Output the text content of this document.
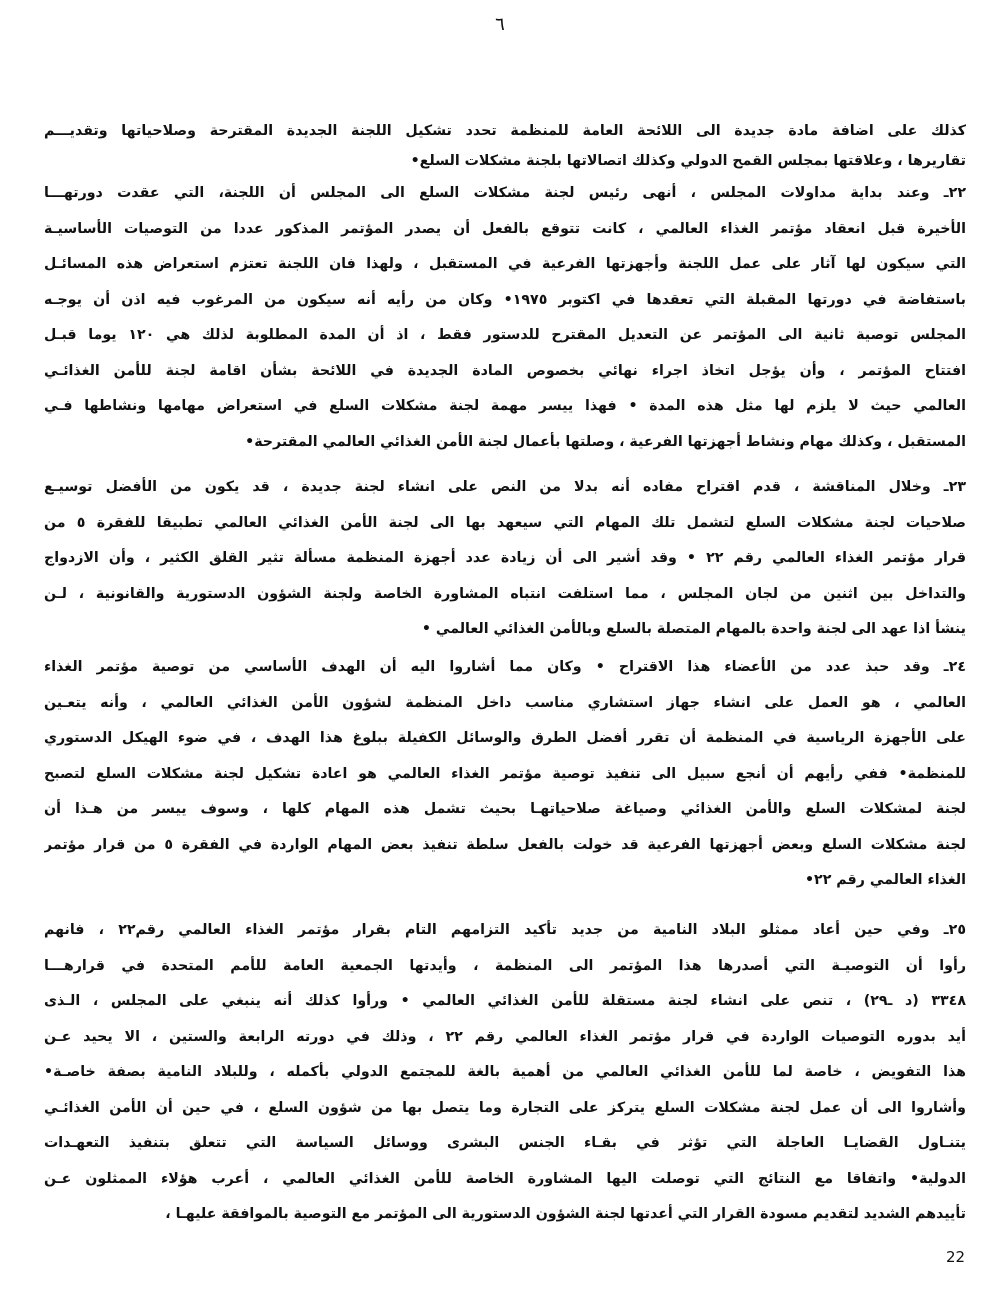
٦
كذلك على اضافة مادة جديدة الى اللائحة العامة للمنظمة تحدد تشكيل اللجنة الجديدة المقترحة وصلاحياتها وتقديـــم
تقاريرها ، وعلاقتها بمجلس القمح الدولي وكذلك اتصالاتها بلجنة مشكلات السلع•
٢٢ـ وعند بداية مداولات المجلس ، أنهى رئيس لجنة مشكلات السلع الى المجلس أن اللجنة، التي عقدت دورتهـــا
الأخيرة قبل انعقاد مؤتمر الغذاء العالمي ، كانت تتوقع بالفعل أن يصدر المؤتمر المذكور عددا من التوصيات الأساسيـة
التي سيكون لها آثار على عمل اللجنة وأجهزتها الفرعية في المستقبل ، ولهذا فان اللجنة تعتزم استعراض هذه المسائـل
باستفاضة في دورتها المقبلة التي تعقدها في اكتوبر ١٩٧٥• وكان من رأيه أنه سيكون من المرغوب فيه اذن أن يوجـه
المجلس توصية ثانية الى المؤتمر عن التعديل المقترح للدستور فقط ، اذ أن المدة المطلوبة لذلك هي ١٢٠ يوما قبـل
افتتاح المؤتمر ، وأن يؤجل اتخاذ اجراء نهائي بخصوص المادة الجديدة في اللائحة بشأن اقامة لجنة للأمن الغذائـي
العالمي حيث لا يلزم لها مثل هذه المدة • فهذا ييسر مهمة لجنة مشكلات السلع في استعراض مهامها ونشاطها فـي
المستقبل ، وكذلك مهام ونشاط أجهزتها الفرعية ، وصلتها بأعمال لجنة الأمن الغذائي العالمي المقترحة•
٢٣ـ وخلال المناقشة ، قدم اقتراح مفاده أنه بدلا من النص على انشاء لجنة جديدة ، قد يكون من الأفضل توسيـع
صلاحيات لجنة مشكلات السلع لتشمل تلك المهام التي سيعهد بها الى لجنة الأمن الغذائي العالمي تطبيقا للفقرة ٥ من
قرار مؤتمر الغذاء العالمي رقم ٢٢ • وقد أشير الى أن زيادة عدد أجهزة المنظمة مسألة تثير القلق الكثير ، وأن الازدواج
والتداخل بين اثنين من لجان المجلس ، مما استلفت انتباه المشاورة الخاصة ولجنة الشؤون الدستورية والقانونية ، لـن
ينشأ اذا عهد الى لجنة واحدة بالمهام المتصلة بالسلع وبالأمن الغذائي العالمي •
٢٤ـ وقد حبذ عدد من الأعضاء هذا الاقتراح • وكان مما أشاروا اليه أن الهدف الأساسي من توصية مؤتمر الغذاء
العالمي ، هو العمل على انشاء جهاز استشاري مناسب داخل المنظمة لشؤون الأمن الغذائي العالمي ، وأنه يتعـين
على الأجهزة الرياسية في المنظمة أن تقرر أفضل الطرق والوسائل الكفيلة ببلوغ هذا الهدف ، في ضوء الهيكل الدستوري
للمنظمة• ففي رأيهم أن أنجع سبيل الى تنفيذ توصية مؤتمر الغذاء العالمي هو اعادة تشكيل لجنة مشكلات السلع لتصبح
لجنة لمشكلات السلع والأمن الغذائي وصياغة صلاحياتهـا بحيث تشمل هذه المهام كلها ، وسوف ييسر من هـذا أن
لجنة مشكلات السلع وبعض أجهزتها الفرعية قد خولت بالفعل سلطة تنفيذ بعض المهام الواردة في الفقرة ٥ من قرار مؤتمر
الغذاء العالمي رقم ٢٢•
٢٥ـ وفي حين أعاد ممثلو البلاد النامية من جديد تأكيد التزامهم التام بقرار مؤتمر الغذاء العالمي رقم٢٢ ، فانهم
رأوا أن التوصيـة التي أصدرها هذا المؤتمر الى المنظمة ، وأيدتها الجمعية العامة للأمم المتحدة في قرارهـــا
٣٣٤٨ (د ـ٢٩) ، تنص على انشاء لجنة مستقلة للأمن الغذائي العالمي • ورأوا كذلك أنه ينبغي على المجلس ، الـذى
أيد بدوره التوصيات الواردة في قرار مؤتمر الغذاء العالمي رقم ٢٢ ، وذلك في دورته الرابعة والستين ، الا يحيد عـن
هذا التفويض ، خاصة لما للأمن الغذائي العالمي من أهمية بالغة للمجتمع الدولي بأكمله ، وللبلاد النامية بصفة خاصـة•
وأشاروا الى أن عمل لجنة مشكلات السلع يتركز على التجارة وما يتصل بها من شؤون السلع ، في حين أن الأمن الغذائـي
يتنـاول القضايـا العاجلة التي تؤثر في بقـاء الجنس البشرى ووسائل السياسة التي تتعلق بتنفيذ التعهـدات
الدولية• واتفاقا مع النتائج التي توصلت اليها المشاورة الخاصة للأمن الغذائي العالمي ، أعرب هؤلاء الممثلون عـن
تأييدهم الشديد لتقديم مسودة القرار التي أعدتها لجنة الشؤون الدستورية الى المؤتمر مع التوصية بالموافقة عليهـا ،
22
